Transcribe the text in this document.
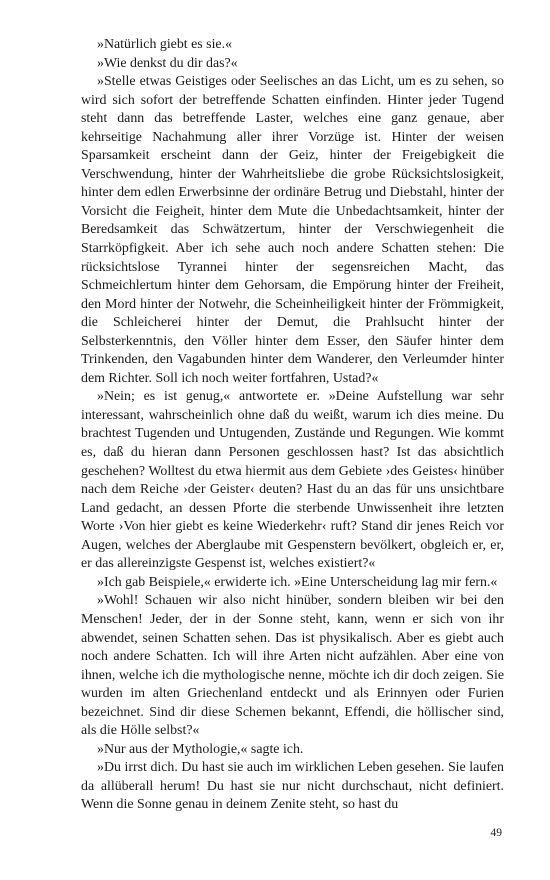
»Natürlich giebt es sie.«

»Wie denkst du dir das?«

»Stelle etwas Geistiges oder Seelisches an das Licht, um es zu sehen, so wird sich sofort der betreffende Schatten einfinden. Hinter jeder Tugend steht dann das betreffende Laster, welches eine ganz genaue, aber kehrseitige Nachahmung aller ihrer Vorzüge ist. Hinter der weisen Sparsamkeit erscheint dann der Geiz, hinter der Freigebigkeit die Verschwendung, hinter der Wahrheitsliebe die grobe Rücksichtslosigkeit, hinter dem edlen Erwerbsinne der ordinäre Betrug und Diebstahl, hinter der Vorsicht die Feigheit, hinter dem Mute die Unbedachtsamkeit, hinter der Beredsamkeit das Schwätzertum, hinter der Verschwiegenheit die Starrköpfigkeit. Aber ich sehe auch noch andere Schatten stehen: Die rücksichtslose Tyrannei hinter der segensreichen Macht, das Schmeichlertum hinter dem Gehorsam, die Empörung hinter der Freiheit, den Mord hinter der Notwehr, die Scheinheiligkeit hinter der Frömmigkeit, die Schleicherei hinter der Demut, die Prahlsucht hinter der Selbsterkenntnis, den Völler hinter dem Esser, den Säufer hinter dem Trinkenden, den Vagabunden hinter dem Wanderer, den Verleumder hinter dem Richter. Soll ich noch weiter fortfahren, Ustad?«

»Nein; es ist genug,« antwortete er. »Deine Aufstellung war sehr interessant, wahrscheinlich ohne daß du weißt, warum ich dies meine. Du brachtest Tugenden und Untugenden, Zustände und Regungen. Wie kommt es, daß du hieran dann Personen geschlossen hast? Ist das absichtlich geschehen? Wolltest du etwa hiermit aus dem Gebiete ›des Geistes‹ hinüber nach dem Reiche ›der Geister‹ deuten? Hast du an das für uns unsichtbare Land gedacht, an dessen Pforte die sterbende Unwissenheit ihre letzten Worte ›Von hier giebt es keine Wiederkehr‹ ruft? Stand dir jenes Reich vor Augen, welches der Aberglaube mit Gespenstern bevölkert, obgleich er, er, er das allereinzigste Gespenst ist, welches existiert?«

»Ich gab Beispiele,« erwiderte ich. »Eine Unterscheidung lag mir fern.«

»Wohl! Schauen wir also nicht hinüber, sondern bleiben wir bei den Menschen! Jeder, der in der Sonne steht, kann, wenn er sich von ihr abwendet, seinen Schatten sehen. Das ist physikalisch. Aber es giebt auch noch andere Schatten. Ich will ihre Arten nicht aufzählen. Aber eine von ihnen, welche ich die mythologische nenne, möchte ich dir doch zeigen. Sie wurden im alten Griechenland entdeckt und als Erinnyen oder Furien bezeichnet. Sind dir diese Schemen bekannt, Effendi, die höllischer sind, als die Hölle selbst?«

»Nur aus der Mythologie,« sagte ich.

»Du irrst dich. Du hast sie auch im wirklichen Leben gesehen. Sie laufen da allüberall herum! Du hast sie nur nicht durchschaut, nicht definiert. Wenn die Sonne genau in deinem Zenite steht, so hast du

49
